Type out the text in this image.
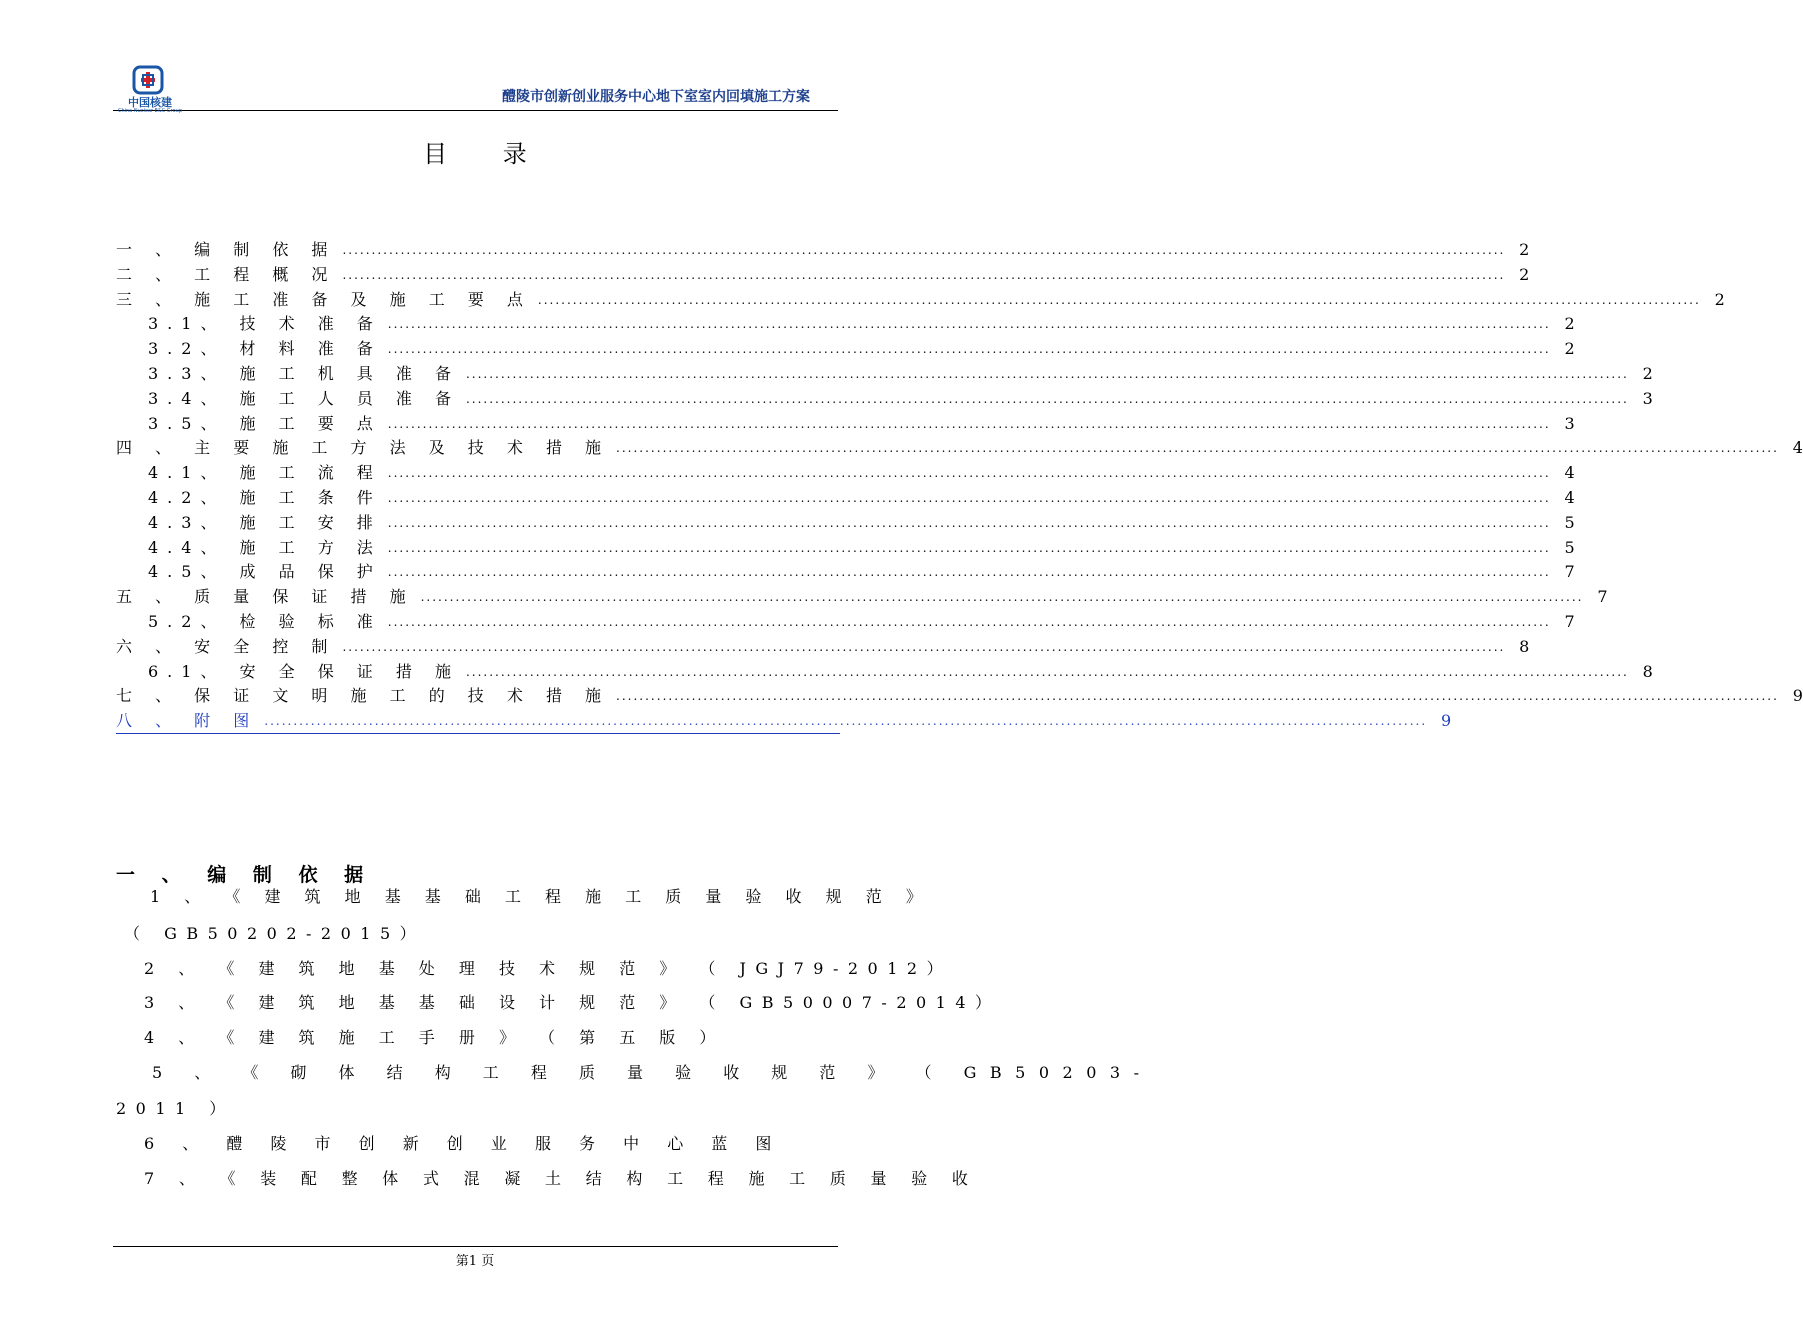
中国核建
China Nuclear E&C Group
醴陵市创新创业服务中心地下室室内回填施工方案
目 录
一 、 编 制 依 据 ........................................................................................................................................................................................................ 2
二 、 工 程 概 况 ........................................................................................................................................................................................................ 2
三 、 施 工 准 备 及 施 工 要 点 ........................................................................................................................................................................................................ 2
3.1、 技 术 准 备 ........................................................................................................................................................................................................ 2
3.2、 材 料 准 备 ........................................................................................................................................................................................................ 2
3.3、 施 工 机 具 准 备 ........................................................................................................................................................................................................ 2
3.4、 施 工 人 员 准 备 ........................................................................................................................................................................................................ 3
3.5、 施 工 要 点 ........................................................................................................................................................................................................ 3
四 、 主 要 施 工 方 法 及 技 术 措 施 ........................................................................................................................................................................................................ 4
4.1、 施 工 流 程 ........................................................................................................................................................................................................ 4
4.2、 施 工 条 件 ........................................................................................................................................................................................................ 4
4.3、 施 工 安 排 ........................................................................................................................................................................................................ 5
4.4、 施 工 方 法 ........................................................................................................................................................................................................ 5
4.5、 成 品 保 护 ........................................................................................................................................................................................................ 7
五 、 质 量 保 证 措 施 ........................................................................................................................................................................................................ 7
5.2、 检 验 标 准 ........................................................................................................................................................................................................ 7
六 、 安 全 控 制 ........................................................................................................................................................................................................ 8
6.1、 安 全 保 证 措 施 ........................................................................................................................................................................................................ 8
七 、 保 证 文 明 施 工 的 技 术 措 施 ........................................................................................................................................................................................................ 9
八 、 附 图 ........................................................................................................................................................................................................ 9
一 、 编 制 依 据
1 、 《 建 筑 地 基 基 础 工 程 施 工 质 量 验 收 规 范 》
（ GB50202-2015）
2 、 《 建 筑 地 基 处 理 技 术 规 范 》 （ JGJ79-2012）
3 、 《 建 筑 地 基 基 础 设 计 规 范 》 （ GB50007-2014）
4 、 《 建 筑 施 工 手 册 》 （ 第 五 版 ）
5 、 《 砌 体 结 构 工 程 质 量 验 收 规 范 》 （ GB50203-
2011 ）
6 、 醴 陵 市 创 新 创 业 服 务 中 心 蓝 图
7 、 《 装 配 整 体 式 混 凝 土 结 构 工 程 施 工 质 量 验 收
第1 页
